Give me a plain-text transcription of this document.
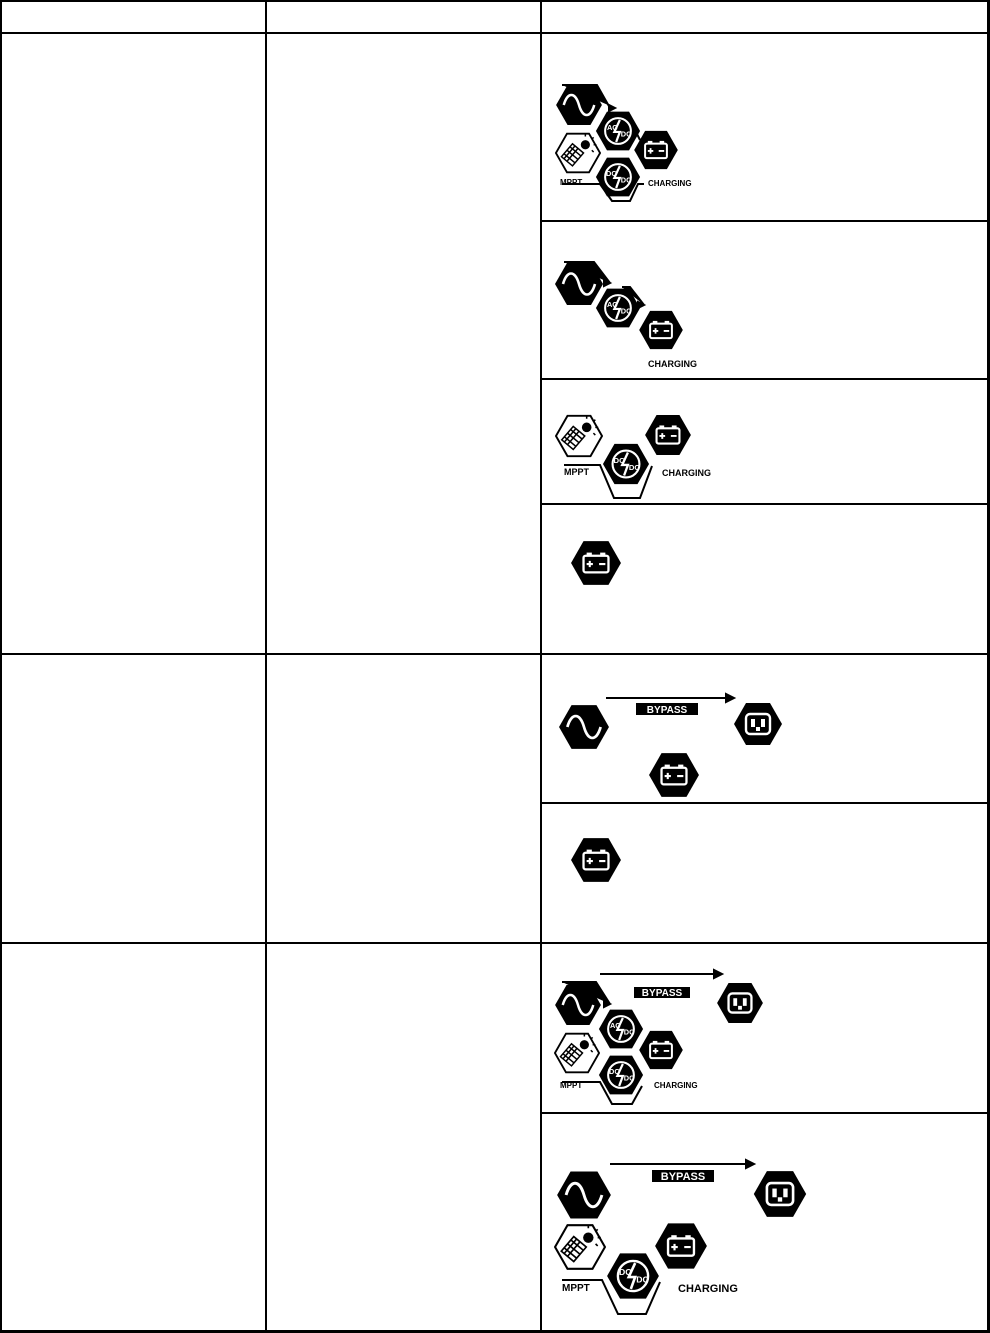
MPPT	CHARGING
CHARGING
MPPT	CHARGING
BYPASS
BYPASS
MPPT	CHARGING
BYPASS
MPPT	CHARGING
